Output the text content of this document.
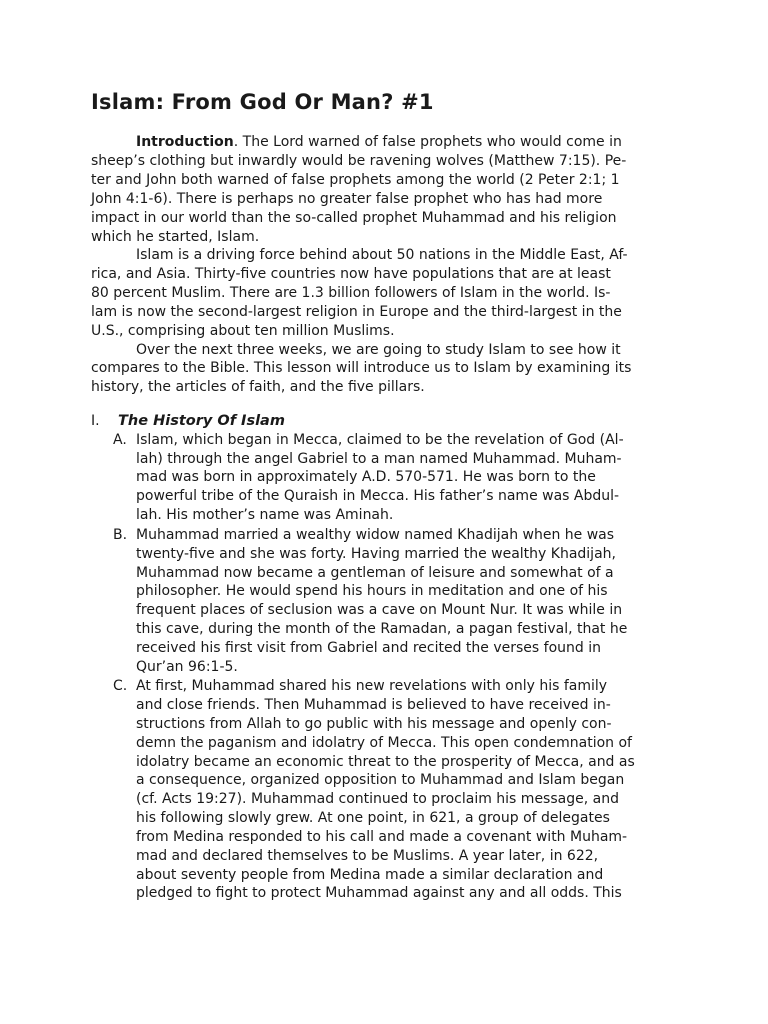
Islam: From God Or Man? #1

Introduction. The Lord warned of false prophets who would come in

sheep’s clothing but inwardly would be ravening wolves (Matthew 7:15). Pe-

ter and John both warned of false prophets among the world (2 Peter 2:1; 1

John 4:1-6). There is perhaps no greater false prophet who has had more

impact in our world than the so-called prophet Muhammad and his religion

which he started, Islam.

Islam is a driving force behind about 50 nations in the Middle East, Af-

rica, and Asia. Thirty-five countries now have populations that are at least

80 percent Muslim. There are 1.3 billion followers of Islam in the world. Is-

lam is now the second-largest religion in Europe and the third-largest in the

U.S., comprising about ten million Muslims.

Over the next three weeks, we are going to study Islam to see how it

compares to the Bible. This lesson will introduce us to Islam by examining its

history, the articles of faith, and the five pillars.

I. The History Of Islam
A. Islam, which began in Mecca, claimed to be the revelation of God (Al-

lah) through the angel Gabriel to a man named Muhammad. Muham-

mad was born in approximately A.D. 570-571. He was born to the

powerful tribe of the Quraish in Mecca. His father’s name was Abdul-

lah. His mother’s name was Aminah.

B. Muhammad married a wealthy widow named Khadijah when he was

twenty-five and she was forty. Having married the wealthy Khadijah,

Muhammad now became a gentleman of leisure and somewhat of a

philosopher. He would spend his hours in meditation and one of his

frequent places of seclusion was a cave on Mount Nur. It was while in

this cave, during the month of the Ramadan, a pagan festival, that he

received his first visit from Gabriel and recited the verses found in

Qur’an 96:1-5.

C. At first, Muhammad shared his new revelations with only his family

and close friends. Then Muhammad is believed to have received in-

structions from Allah to go public with his message and openly con-

demn the paganism and idolatry of Mecca. This open condemnation of

idolatry became an economic threat to the prosperity of Mecca, and as

a consequence, organized opposition to Muhammad and Islam began

(cf. Acts 19:27). Muhammad continued to proclaim his message, and

his following slowly grew. At one point, in 621, a group of delegates

from Medina responded to his call and made a covenant with Muham-

mad and declared themselves to be Muslims. A year later, in 622,

about seventy people from Medina made a similar declaration and

pledged to fight to protect Muhammad against any and all odds. This
